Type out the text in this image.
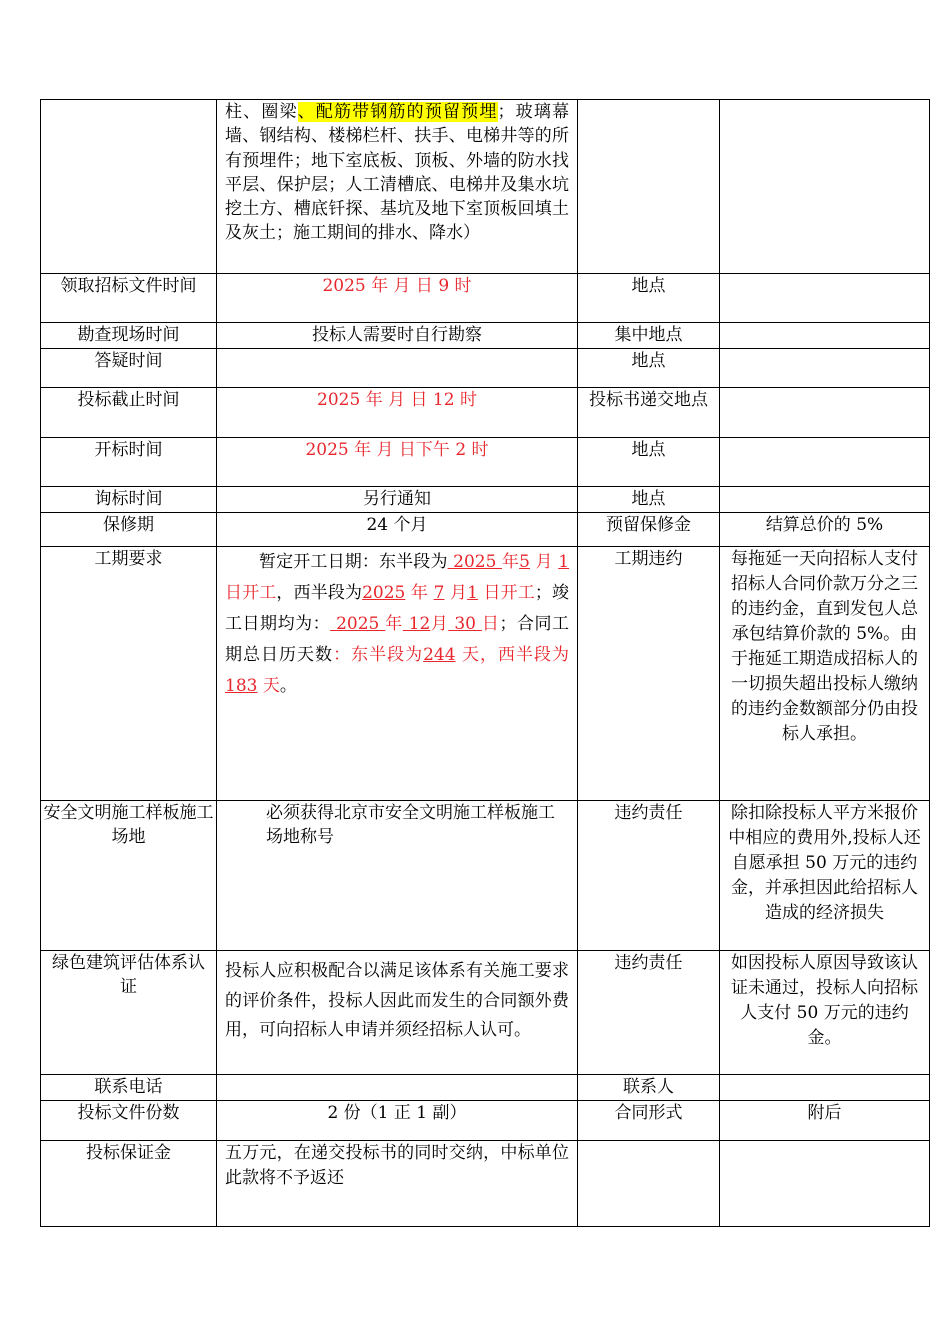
	柱、圈梁、配筋带钢筋的预留预埋；玻璃幕墙、钢结构、楼梯栏杆、扶手、电梯井等的所有预埋件；地下室底板、顶板、外墙的防水找平层、保护层；人工清槽底、电梯井及集水坑挖土方、槽底钎探、基坑及地下室顶板回填土及灰土；施工期间的排水、降水）		
领取招标文件时间	2025 年 月 日 9 时	地点	
勘查现场时间	投标人需要时自行勘察	集中地点	
答疑时间		地点	
投标截止时间	2025 年 月 日 12 时	投标书递交地点	
开标时间	2025 年 月 日下午 2 时	地点	
询标时间	另行通知	地点	
保修期	24 个月	预留保修金	结算总价的 5%
工期要求	暂定开工日期：东半段为 2025 年5 月 1 日开工，西半段为2025 年 7 月1 日开工；竣工日期均为： 2025 年 12月 30 日；合同工期总日历天数：东半段为244 天，西半段为183 天。	工期违约	每拖延一天向招标人支付招标人合同价款万分之三的违约金，直到发包人总承包结算价款的 5%。由于拖延工期造成招标人的一切损失超出投标人缴纳的违约金数额部分仍由投标人承担。
安全文明施工样板施工场地	必须获得北京市安全文明施工样板施工场地称号	违约责任	除扣除投标人平方米报价中相应的费用外,投标人还自愿承担 50 万元的违约金，并承担因此给招标人造成的经济损失
绿色建筑评估体系认证	投标人应积极配合以满足该体系有关施工要求的评价条件，投标人因此而发生的合同额外费用，可向招标人申请并须经招标人认可。	违约责任	如因投标人原因导致该认证未通过，投标人向招标人支付 50 万元的违约金。
联系电话		联系人	
投标文件份数	2 份（1 正 1 副）	合同形式	附后
投标保证金	五万元，在递交投标书的同时交纳，中标单位此款将不予返还		
